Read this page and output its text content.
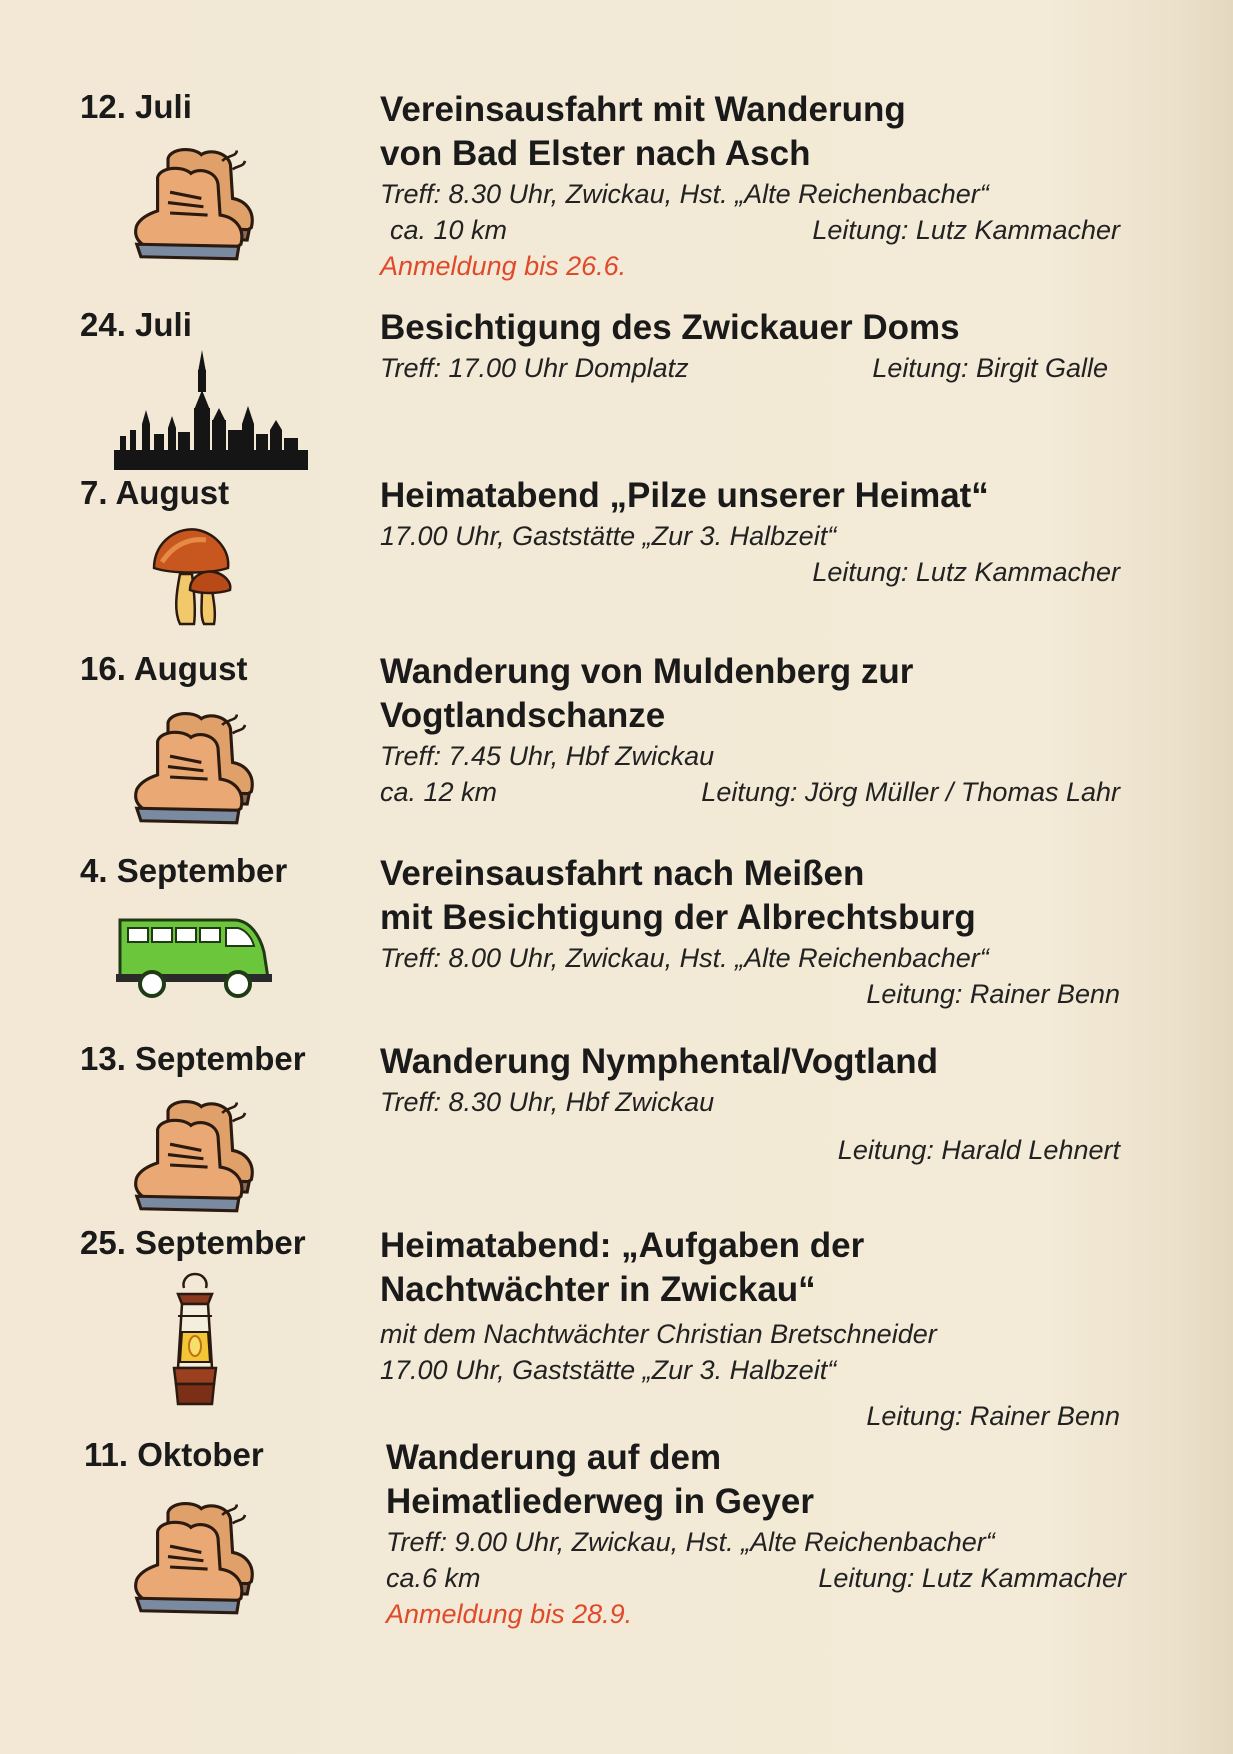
12. Juli	Vereinsausfahrt mit Wanderung
von Bad Elster nach Asch
Treff: 8.30 Uhr, Zwickau, Hst. „Alte Reichenbacher“
ca. 10 km	Leitung: Lutz Kammacher
Anmeldung bis 26.6.
24. Juli	Besichtigung des Zwickauer Doms
Treff: 17.00 Uhr Domplatz	Leitung: Birgit Galle
7. August	Heimatabend „Pilze unserer Heimat“
17.00 Uhr, Gaststätte „Zur 3. Halbzeit“
Leitung: Lutz Kammacher
16. August	Wanderung von Muldenberg zur
Vogtlandschanze
Treff: 7.45 Uhr, Hbf Zwickau
ca. 12 km	Leitung: Jörg Müller / Thomas Lahr
4. September	Vereinsausfahrt nach Meißen
mit Besichtigung der Albrechtsburg
Treff: 8.00 Uhr, Zwickau, Hst. „Alte Reichenbacher“
Leitung: Rainer Benn
13. September Wanderung Nymphental/Vogtland
Treff: 8.30 Uhr, Hbf Zwickau
Leitung: Harald Lehnert
25. September Heimatabend: „Aufgaben der
Nachtwächter in Zwickau“
mit dem Nachtwächter Christian Bretschneider
17.00 Uhr, Gaststätte „Zur 3. Halbzeit“
Leitung: Rainer Benn
11. Oktober	Wanderung auf dem
Heimatliederweg in Geyer
Treff: 9.00 Uhr, Zwickau, Hst. „Alte Reichenbacher“
ca.6 km	Leitung: Lutz Kammacher
Anmeldung bis 28.9.
